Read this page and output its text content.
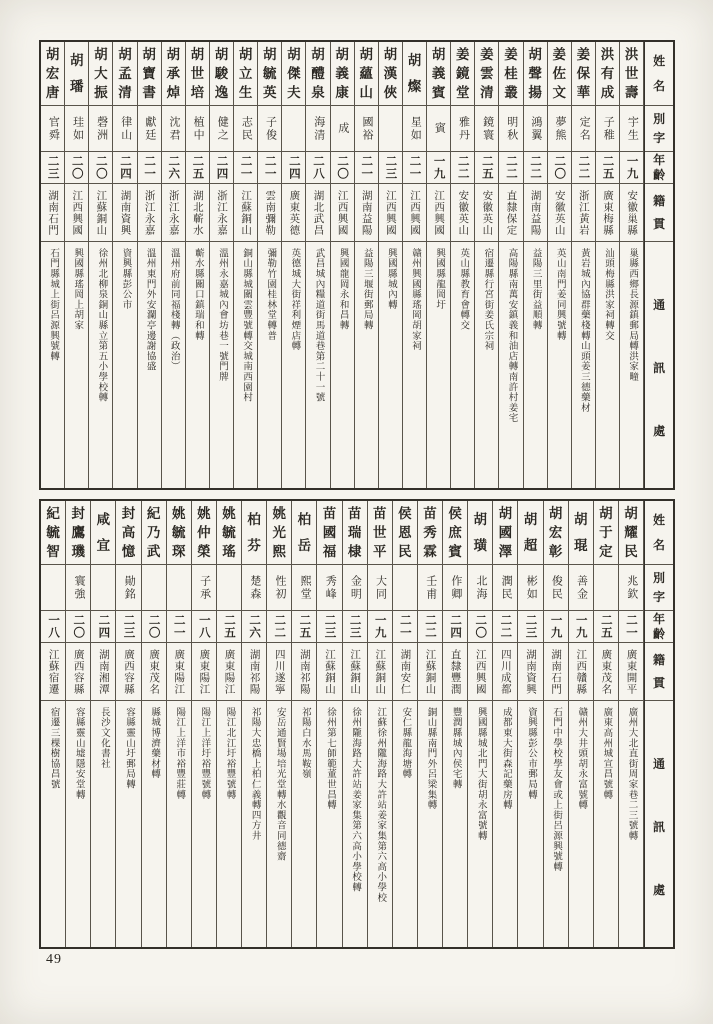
胡
宏
唐
官舜
二三
湖南石門
石門縣城上街呂源興號轉
胡
璠
珪如
二〇
江西興國
興國縣瑤岡上胡家
胡
大
振
磬洲
二〇
江蘇銅山
徐州北柳泉銅山縣立第五小學校轉
胡
孟
清
律山
二四
湖南資興
資興縣彭公市
胡
寶
書
獻廷
二一
浙江永嘉
溫州東門外安瀾亭邊謝協盛
胡
承
焯
沈君
二六
浙江永嘉
溫州府前同福棧轉（政治）
胡
世
培
植中
二五
湖北蘄水
蘄水縣關口鎮瑞和轉
胡
駿
逸
健之
二四
浙江永嘉
溫州永嘉城內會坊巷一號門牌
胡
立
生
志民
二一
江蘇銅山
銅山縣城關雲豐號轉交城南西園村
胡
毓
英
子俊
二一
雲南彌勒
彌勒竹園桂林堂轉普
胡
傑
夫
二四
廣東英德
英德城大街祥利煙店轉
胡
醴
泉
海清
二八
湖北武昌
武昌城內糧道街馬道巷第二十一號
胡
義
康
成
二〇
江西興國
興國龍岡永和昌轉
胡
蘊
山
國裕
二一
湖南益陽
益陽三堰街郵局轉
胡
漢
俠
二三
江西興國
興國縣城內轉
胡
燦
星如
二一
江西興國
贛州興國縣瑤岡胡家祠
胡
義
賓
賓
一九
江西興國
興國縣龍岡圩
姜
鏡
堂
雅丹
二二
安徽英山
英山縣教育會轉交
姜
雲
清
鏡寰
二五
安徽英山
宿遷縣行宮街姜氏宗祠
姜
桂
叢
明秋
二二
直隸保定
高陽縣南萬安鎮義和油店轉南許村姜宅
胡
聲
揚
鴻翼
二二
湖南益陽
益陽三里街益順轉
姜
佐
文
夢熊
二〇
安徽英山
英山南門姜同興號轉
姜
保
華
定名
二二
浙江黃岩
黃岩城內協群藥棧轉山頭姜三德藥材
洪
有
成
子稚
二五
廣東梅縣
汕頭梅縣洪家祠轉交
洪
世
壽
宇生
一九
安徽巢縣
巢縣西鄉長源鎮郵局轉洪家疃
姓
名
別
字
年
齡
籍
貫
通
訊
處
紀
毓
智
一八
江蘇宿遷
宿遷三棵樹協昌號
封
鷹
璣
寰強
二〇
廣西容縣
容縣靈山墟隱安堂轉
咸
宜
二四
湖南湘潭
長沙文化書社
封
高
憶
勛銘
二三
廣西容縣
容縣靈山圩郵局轉
紀
乃
武
二〇
廣東茂名
縣城博濟藥材轉
姚
毓
琛
二一
廣東陽江
陽江上洋市裕豐莊轉
姚
仲
榮
子承
一八
廣東陽江
陽江上洋圩裕豐號轉
姚
毓
瑤
二五
廣東陽江
陽江北江圩裕豐號轉
柏
芬
楚森
二六
湖南祁陽
祁陽大忠橋上柏仁義轉四方井
姚
光
熙
性初
二二
四川遂寧
安岳通賢場培光堂轉水觀音同德齋
柏
岳
熙堂
二五
湖南祁陽
祁陽白水馬鞍嶺
苗
國
福
秀峰
二三
江蘇銅山
徐州第七師範董世昌轉
苗
瑞
棣
金明
二三
江蘇銅山
徐州隴海路大許站姜家集第六高小學校轉
苗
世
平
大同
一九
江蘇銅山
江蘇徐州隴海路大許站姜家集第六高小學校
侯
恩
民
二一
湖南安仁
安仁縣龍海塘轉
苗
秀
霖
壬甫
二二
江蘇銅山
銅山縣南門外呂梁集轉
侯
庶
賓
作卿
二四
直隸豐潤
豐潤縣城內侯宅轉
胡
璜
北海
二〇
江西興國
興國縣城北門大街胡永富號轉
胡
國
澤
潤民
二二
四川成都
成都東大街森記藥房轉
胡
超
彬如
二三
湖南資興
資興縣彭公市郵局轉
胡
宏
彰
俊民
一九
湖南石門
石門中學校學友會或上街呂源興號轉
胡
琨
善金
一九
江西贛縣
贛州大井頭胡永富號轉
胡
于
定
二五
廣東茂名
廣東高州城宣昌號轉
胡
耀
民
兆欽
二一
廣東開平
廣州大北直街周家巷二三號轉
姓
名
別
字
年
齡
籍
貫
通
訊
處
49
